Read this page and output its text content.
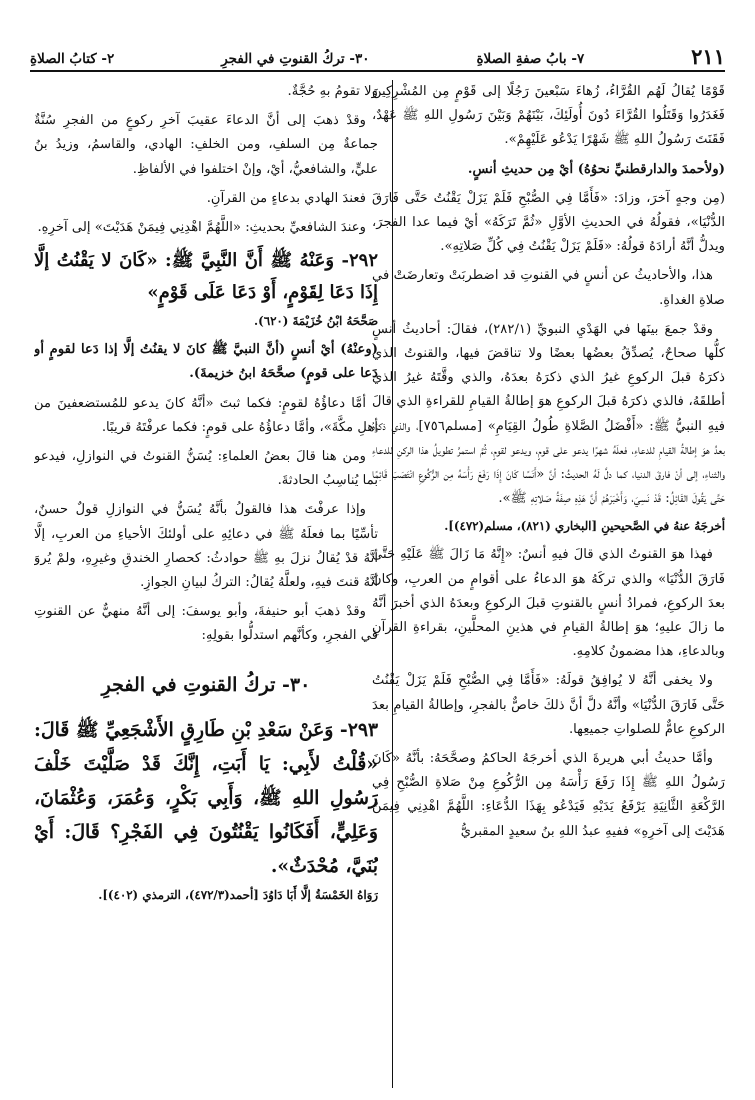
٢١١
٧- بابُ صفةِ الصلاةِ
٣٠- تركُ القنوتِ في الفجرِ
٢- كتابُ الصلاةِ

قَوْمًا يُقالُ لَهُم القُرَّاءُ، زُهاءَ سَبْعينَ رَجُلًا إلى قَوْمٍ مِن المُشْرِكِينَ فَغَدَرُوا وَقَتَلُوا القُرَّاءَ دُونَ أُولَئِكَ، بَيْنَهُمْ وَبَيْنَ رَسُولِ اللهِ ﷺ عَهْدٌ، فَقَنَتَ رَسُولُ اللهِ ﷺ شَهْرًا يَدْعُو عَلَيْهِمْ».

(ولأحمدَ والدارقطنيِّ نحوُهُ) أيْ مِن حديثِ أنسٍ.

(مِن وجهٍ آخرَ، وزادَ: «فَأَمَّا فِي الصُّبْحِ فَلَمْ يَزَلْ يَقْنُتُ حَتَّى فَارَقَ الدُّنْيَا»، فقولُهُ في الحديثِ الأوَّلِ «ثُمَّ تَرَكَهُ» أيْ فيما عدا الفجرَ، ويدلُّ أنَّهُ أرادَهُ قولُهُ: «فَلَمْ يَزَلْ يَقْنُتُ فِي كُلِّ صَلاتِهِ».

هذا، والأحاديثُ عن أنسٍ في القنوتِ قد اضطربَتْ وتعارضَتْ في صلاةِ الغداةِ.

وقدْ جمعَ بينَها في الهَدْيِ النبويِّ (٢٨٢/١)، فقالَ: أحاديثُ أنسٍ كلُّها صحاحٌ، يُصدِّقُ بعضُها بعضًا ولا تناقضَ فيها، والقنوتُ الذي ذكرَهُ قبلَ الركوعِ غيرُ الذي ذكرَهُ بعدَهُ، والذي وقَّتَهُ غيرُ الذي أطلقَهُ، فالذي ذكرَهُ قبلَ الركوعِ هوَ إطالةُ القيامِ للقراءةِ الذي قالَ فيهِ النبيُّ ﷺ: «أَفْضَلُ الصَّلاةِ طُولُ القِيَامِ» [مسلم٧٥٦]، والذي ذكرَهُ بعدُ هوَ إطالةُ القيامِ للدعاءِ، فعلَهُ شهرًا يدعو على قومٍ، ويدعو لقومٍ، ثُمَّ استمرَّ تطويلُ هذا الركنِ للدعاءِ والثناءِ، إلى أنْ فارقَ الدنيا، كما دلَّ لَهُ الحديثُ: أنَّ «أَنَسًا كَانَ إِذَا رَفَعَ رَأْسَهُ مِن الرُّكُوعِ انْتَصَبَ قَائِمًا حَتَّى يَقُولَ القَائِلُ: قَدْ نَسِيَ، وَأَخْبَرَهُمْ أَنَّ هَذِهِ صِفَةُ صَلاتِهِ ﷺ».

أخرجَهُ عنهُ في الصَّحيحينِ [البخاري (٨٢١)، مسلم(٤٧٢)].

فهذا هوَ القنوتُ الذي قالَ فيهِ أنسٌ: «إِنَّهُ مَا زَالَ ﷺ عَلَيْهِ حَتَّى فَارَقَ الدُّنْيَا» والذي تركَهُ هوَ الدعاءُ على أقوامٍ من العربِ، وكانَ بعدَ الركوعِ، فمرادُ أنسٍ بالقنوتِ قبلَ الركوعِ وبعدَهُ الذي أخبرَ أنَّهُ ما زالَ عليهِ؛ هوَ إطالةُ القيامِ في هذينِ المحلَّينِ، بقراءةِ القرآنِ وبالدعاءِ، هذا مضمونُ كلامِهِ.

ولا يخفى أنَّهُ لا يُوافِقُ قولَهُ: «فَأَمَّا فِي الصُّبْحِ فَلَمْ يَزَلْ يَقْنُتُ حَتَّى فَارَقَ الدُّنْيَا» وأنَّهُ دلَّ أنَّ ذلكَ خاصٌّ بالفجرِ، وإطالةُ القيامِ بعدَ الركوعِ عامٌّ للصلواتِ جميعِها.

وأمَّا حديثُ أبي هريرةَ الذي أخرجَهُ الحاكمُ وصحَّحَهُ: بأنَّهُ «كَانَ رَسُولُ اللهِ ﷺ إِذَا رَفَعَ رَأْسَهُ مِن الرُّكُوعِ مِنْ صَلاةِ الصُّبْحِ فِي الرَّكْعَةِ الثَّانِيَةِ يَرْفَعُ يَدَيْهِ فَيَدْعُو بِهَذَا الدُّعَاءِ: اللَّهُمَّ اهْدِنِي فِيمَنْ هَدَيْتَ إلى آخرِهِ» ففيهِ عبدُ اللهِ بنُ سعيدٍ المقبريُّ

ولا تقومُ بهِ حُجَّةٌ.

وقدْ ذهبَ إلى أنَّ الدعاءَ عقيبَ آخرِ ركوعٍ من الفجرِ سُنَّةٌ جماعةٌ مِن السلفِ، ومن الخلفِ: الهادي، والقاسمُ، وزيدُ بنُ عليٍّ، والشافعيُّ، أيْ، وإنْ اختلفوا في الألفاظِ.

فعندَ الهادي بدعاءٍ من القرآنِ.

وعندَ الشافعيِّ بحديثِ: «اللَّهُمَّ اهْدِنِي فِيمَنْ هَدَيْتَ» إلى آخرِهِ.

٢٩٢- وَعَنْهُ ﷺ أَنَّ النَّبِيَّ ﷺ: «كَانَ لا يَقْنُتُ إلَّا إِذَا دَعَا لِقَوْمٍ، أَوْ دَعَا عَلَى قَوْمٍ»

صَحَّحَهُ ابْنُ خُزَيْمَةَ (٦٢٠).

(وعنْهُ) أيْ أنسٍ (أنَّ النبيَّ ﷺ كانَ لا يقنُتُ إلَّا إذا دَعا لقومٍ أو دَعا على قومٍ) صحَّحَهُ ابنُ خزيمةَ).

أمَّا دعاؤُهُ لقومٍ: فكما ثبتَ «أنَّهُ كانَ يدعو للمُستضعفينَ من أهلِ مكَّةَ»، وأمَّا دعاؤُهُ على قومٍ: فكما عرفْتَهُ قريبًا.

ومن هنا قالَ بعضُ العلماءِ: يُسَنُّ القنوتُ في النوازلِ، فيدعو بما يُناسِبُ الحادثةَ.

وإذا عرفْتَ هذا فالقولُ بأنَّهُ يُسَنُّ في النوازلِ قولٌ حسنٌ، تأسِّيًا بما فعلَهُ ﷺ في دعائِهِ على أولئكَ الأحياءِ من العربِ، إلَّا أنَّهُ قدْ يُقالُ نزلَ بهِ ﷺ حوادثُ: كحصارِ الخندقِ وغيرِهِ، ولمْ يُروَ أنَّهُ قنتَ فيهِ، ولعلَّهُ يُقالُ: التركُ لبيانِ الجوازِ.

وقدْ ذهبَ أبو حنيفةَ، وأبو يوسفَ: إلى أنَّهُ منهيٌّ عن القنوتِ في الفجرِ، وكأنَّهم استدلُّوا بقولِهِ:

٣٠- تركُ القنوتِ في الفجرِ

٢٩٣- وَعَنْ سَعْدِ بْنِ طَارِقٍ الأَشْجَعِيِّ ﷺ قَالَ: «قُلْتُ لأَبِي: يَا أَبَتِ، إِنَّكَ قَدْ صَلَّيْتَ خَلْفَ رَسُولِ اللهِ ﷺ، وَأَبِي بَكْرٍ، وَعُمَرَ، وَعُثْمَانَ، وَعَلِيٍّ، أَفَكَانُوا يَقْنُتُونَ فِي الفَجْرِ؟ قَالَ: أَيْ بُنَيَّ، مُحْدَثٌ».

رَوَاهُ الخَمْسَةُ إلَّا أَبَا دَاوُدَ [أحمد(٤٧٢/٣)، الترمذي (٤٠٢)].
